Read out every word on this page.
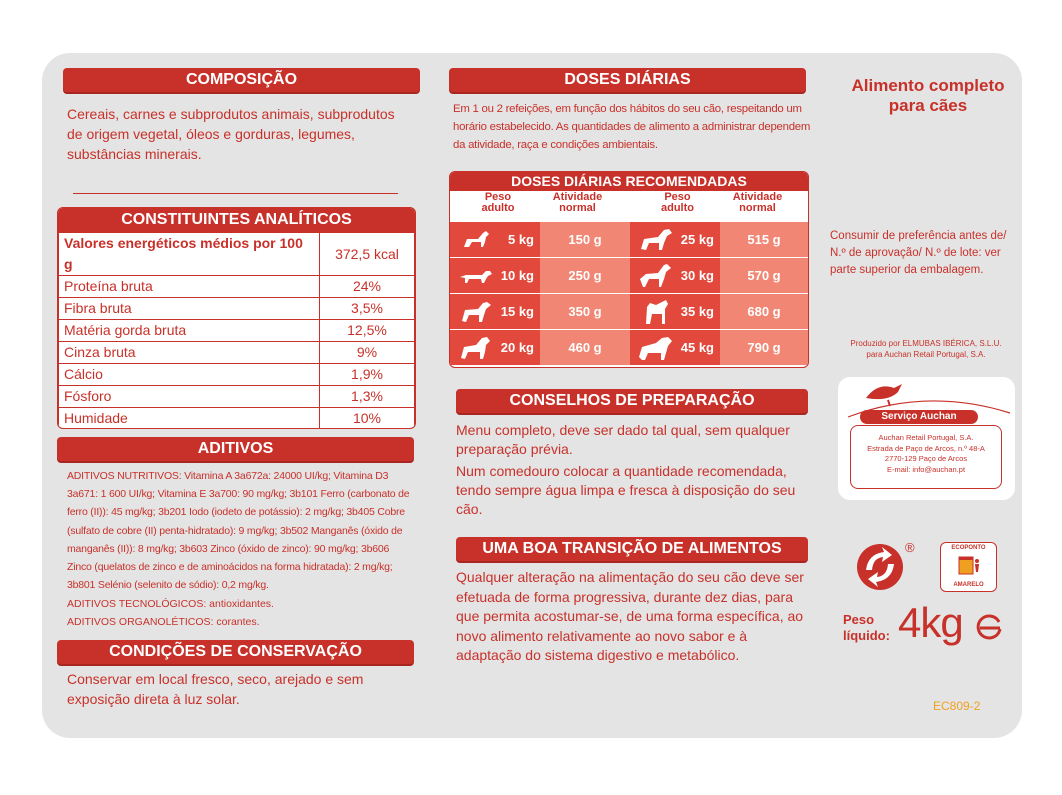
COMPOSIÇÃO
Cereais, carnes e subprodutos animais, subprodutos de origem vegetal, óleos e gorduras, legumes, substâncias minerais.
CONSTITUINTES ANALÍTICOS
Valores energéticos médios por 100 g	372,5 kcal
Proteína bruta	24%
Fibra bruta	3,5%
Matéria gorda bruta	12,5%
Cinza bruta	9%
Cálcio	1,9%
Fósforo	1,3%
Humidade	10%
ADITIVOS
ADITIVOS NUTRITIVOS: Vitamina A 3a672a: 24000 UI/kg; Vitamina D3 3a671: 1 600 UI/kg; Vitamina E 3a700: 90 mg/kg; 3b101 Ferro (carbonato de ferro (II)): 45 mg/kg; 3b201 Iodo (iodeto de potássio): 2 mg/kg; 3b405 Cobre (sulfato de cobre (II) penta-hidratado): 9 mg/kg; 3b502 Manganês (óxido de manganês (II)): 8 mg/kg; 3b603 Zinco (óxido de zinco): 90 mg/kg; 3b606 Zinco (quelatos de zinco e de aminoácidos na forma hidratada): 2 mg/kg; 3b801 Selénio (selenito de sódio): 0,2 mg/kg.
ADITIVOS TECNOLÓGICOS: antioxidantes.
ADITIVOS ORGANOLÉTICOS: corantes.
CONDIÇÕES DE CONSERVAÇÃO
Conservar em local fresco, seco, arejado e sem exposição direta à luz solar.
DOSES DIÁRIAS
Em 1 ou 2 refeições, em função dos hábitos do seu cão, respeitando um horário estabelecido. As quantidades de alimento a administrar dependem da atividade, raça e condições ambientais.
DOSES DIÁRIAS RECOMENDADAS
Peso adulto
Atividade normal
Peso adulto
Atividade normal
5 kg	150 g	25 kg	515 g
10 kg	250 g	30 kg	570 g
15 kg	350 g	35 kg	680 g
20 kg	460 g	45 kg	790 g
CONSELHOS DE PREPARAÇÃO
Menu completo, deve ser dado tal qual, sem qualquer preparação prévia.
Num comedouro colocar a quantidade recomendada, tendo sempre água limpa e fresca à disposição do seu cão.
UMA BOA TRANSIÇÃO DE ALIMENTOS
Qualquer alteração na alimentação do seu cão deve ser efetuada de forma progressiva, durante dez dias, para que permita acostumar-se, de uma forma específica, ao novo alimento relativamente ao novo sabor e à adaptação do sistema digestivo e metabólico.
Alimento completo para cães
Consumir de preferência antes de/ N.º de aprovação/ N.º de lote: ver parte superior da embalagem.
Produzido por ELMUBAS IBÉRICA, S.L.U. para Auchan Retail Portugal, S.A.
Serviço Auchan
Auchan Retail Portugal, S.A.
Estrada de Paço de Arcos, n.º 48-A
2770-129 Paço de Arcos
E-mail: info@auchan.pt
®	ECOPONTO
AMARELO
Peso líquido: 4kg
EC809-2
